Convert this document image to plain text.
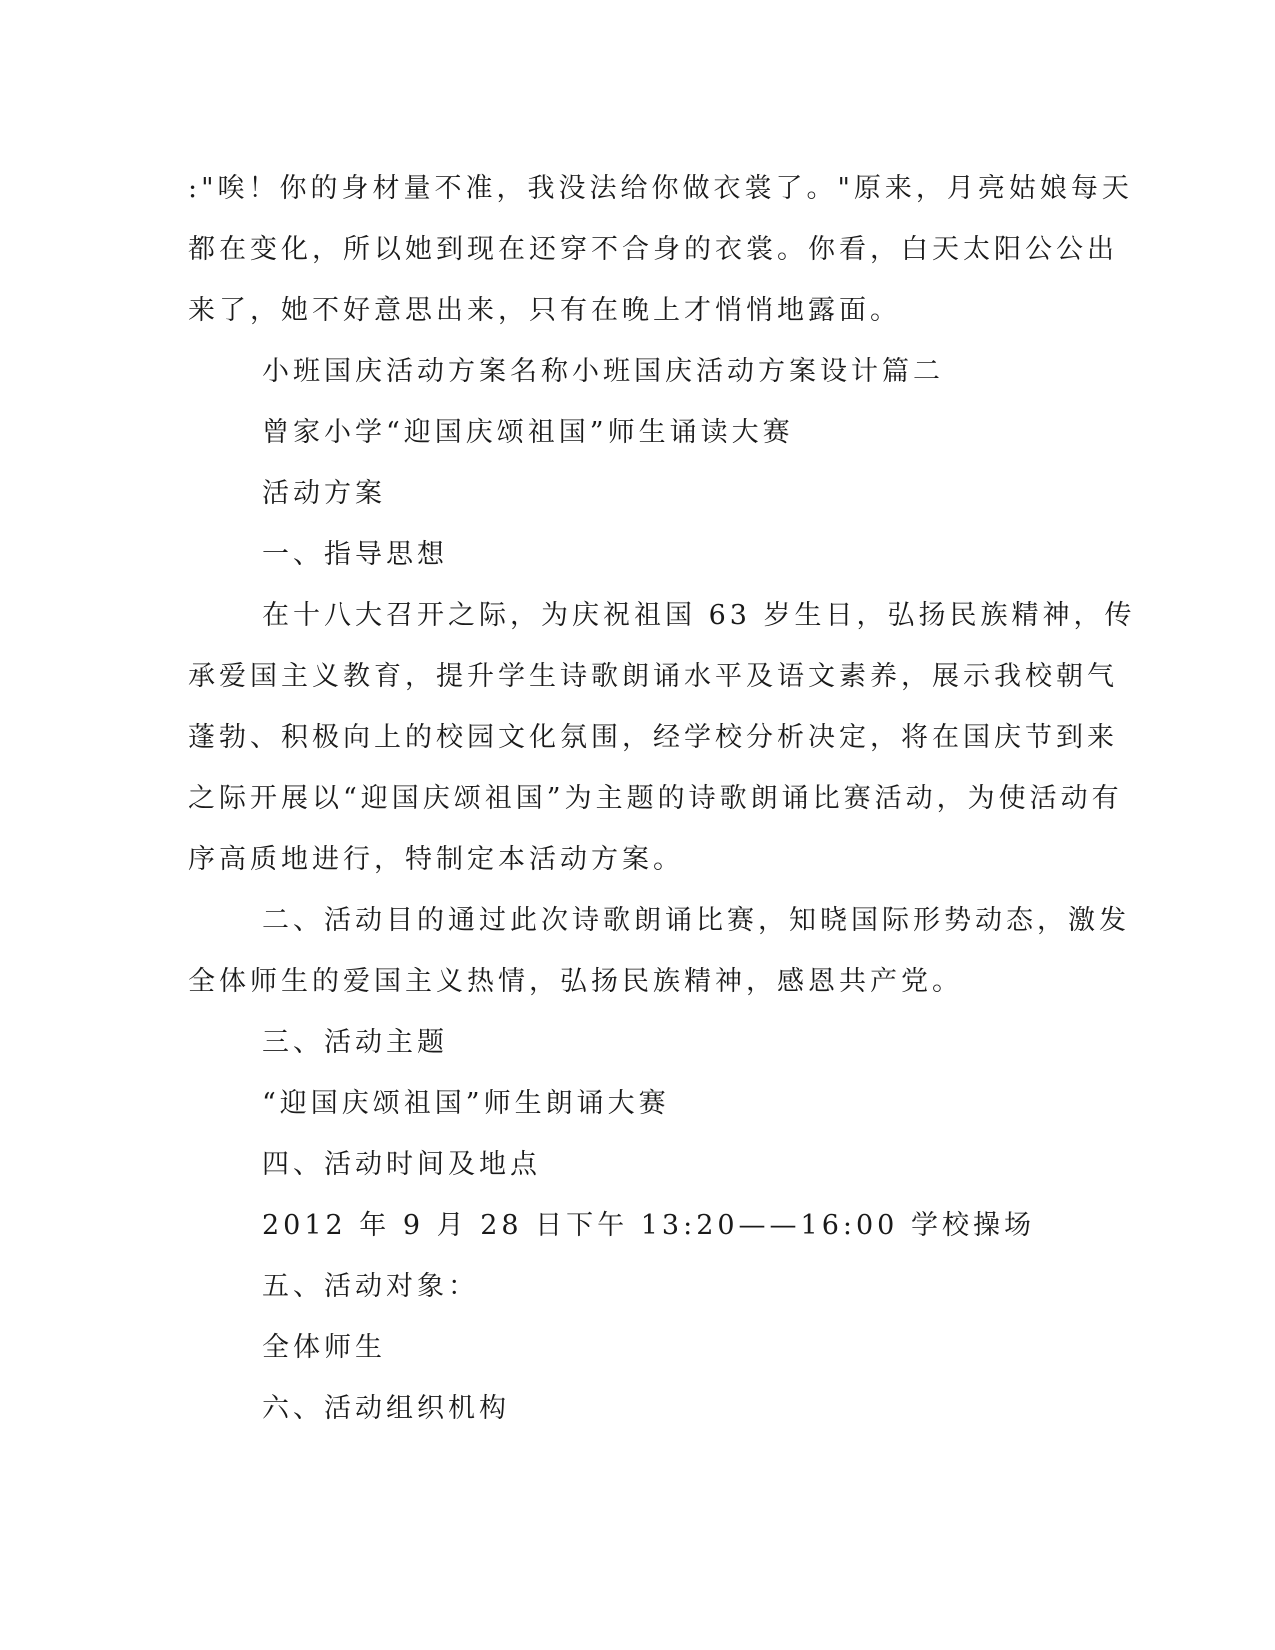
:"唉！你的身材量不准，我没法给你做衣裳了。"原来，月亮姑娘每天

都在变化，所以她到现在还穿不合身的衣裳。你看，白天太阳公公出

来了，她不好意思出来，只有在晚上才悄悄地露面。

小班国庆活动方案名称小班国庆活动方案设计篇二

曾家小学“迎国庆颂祖国”师生诵读大赛

活动方案

一、指导思想

在十八大召开之际，为庆祝祖国 63 岁生日，弘扬民族精神，传

承爱国主义教育，提升学生诗歌朗诵水平及语文素养，展示我校朝气

蓬勃、积极向上的校园文化氛围，经学校分析决定，将在国庆节到来

之际开展以“迎国庆颂祖国”为主题的诗歌朗诵比赛活动，为使活动有

序高质地进行，特制定本活动方案。

二、活动目的通过此次诗歌朗诵比赛，知晓国际形势动态，激发

全体师生的爱国主义热情，弘扬民族精神，感恩共产党。

三、活动主题

“迎国庆颂祖国”师生朗诵大赛

四、活动时间及地点

2012 年 9 月 28 日下午 13:20——16:00 学校操场

五、活动对象：

全体师生

六、活动组织机构
